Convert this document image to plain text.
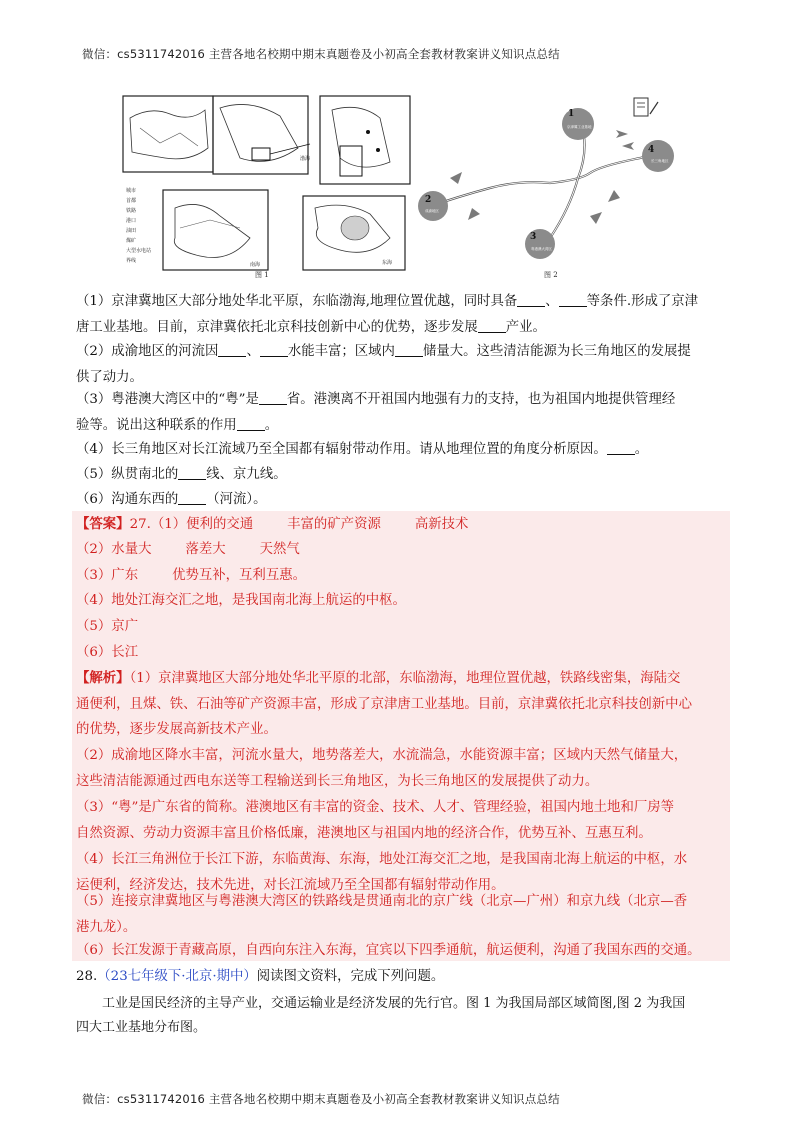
微信：cs5311742016 主营各地名校期中期末真题卷及小初高全套教材教案讲义知识点总结
城市
首都
铁路
港口
油田
煤矿
大型水电站
界线
南海	东海
渤海
图 1
1
京津冀工业基地
4
长三角地区
2
成渝地区
3
粤港澳大湾区
图 2

（1）京津冀地区大部分地处华北平原，东临渤海,地理位置优越，同时具备 、 等条件.形成了京津
唐工业基地。目前，京津冀依托北京科技创新中心的优势，逐步发展 产业。

（2）成渝地区的河流因 、 水能丰富；区域内 储量大。这些清洁能源为长三角地区的发展提
供了动力。

（3）粤港澳大湾区中的“粤”是 省。港澳离不开祖国内地强有力的支持，也为祖国内地提供管理经
验等。说出这种联系的作用 。

（4）长三角地区对长江流域乃至全国都有辐射带动作用。请从地理位置的角度分析原因。 。

（5）纵贯南北的 线、京九线。

（6）沟通东西的 （河流）。

【答案】27.（1）便利的交通	丰富的矿产资源	高新技术

（2）水量大	落差大	天然气

（3）广东	优势互补，互利互惠。

（4）地处江海交汇之地，是我国南北海上航运的中枢。

（5）京广

（6）长江

【解析】（1）京津冀地区大部分地处华北平原的北部，东临渤海，地理位置优越，铁路线密集，海陆交
通便利，且煤、铁、石油等矿产资源丰富，形成了京津唐工业基地。目前，京津冀依托北京科技创新中心
的优势，逐步发展高新技术产业。

（2）成渝地区降水丰富，河流水量大，地势落差大，水流湍急，水能资源丰富；区域内天然气储量大，
这些清洁能源通过西电东送等工程输送到长三角地区，为长三角地区的发展提供了动力。

（3）“粤”是广东省的简称。港澳地区有丰富的资金、技术、人才、管理经验，祖国内地土地和厂房等
自然资源、劳动力资源丰富且价格低廉，港澳地区与祖国内地的经济合作，优势互补、互惠互利。

（4）长江三角洲位于长江下游，东临黄海、东海，地处江海交汇之地，是我国南北海上航运的中枢，水
运便利，经济发达，技术先进，对长江流域乃至全国都有辐射带动作用。

（5）连接京津冀地区与粤港澳大湾区的铁路线是贯通南北的京广线（北京—广州）和京九线（北京—香
港九龙）。

（6）长江发源于青藏高原，自西向东注入东海，宜宾以下四季通航，航运便利，沟通了我国东西的交通。

28.（23七年级下·北京·期中）阅读图文资料，完成下列问题。

工业是国民经济的主导产业，交通运输业是经济发展的先行官。图 1 为我国局部区域简图,图 2 为我国
四大工业基地分布图。

微信：cs5311742016 主营各地名校期中期末真题卷及小初高全套教材教案讲义知识点总结
